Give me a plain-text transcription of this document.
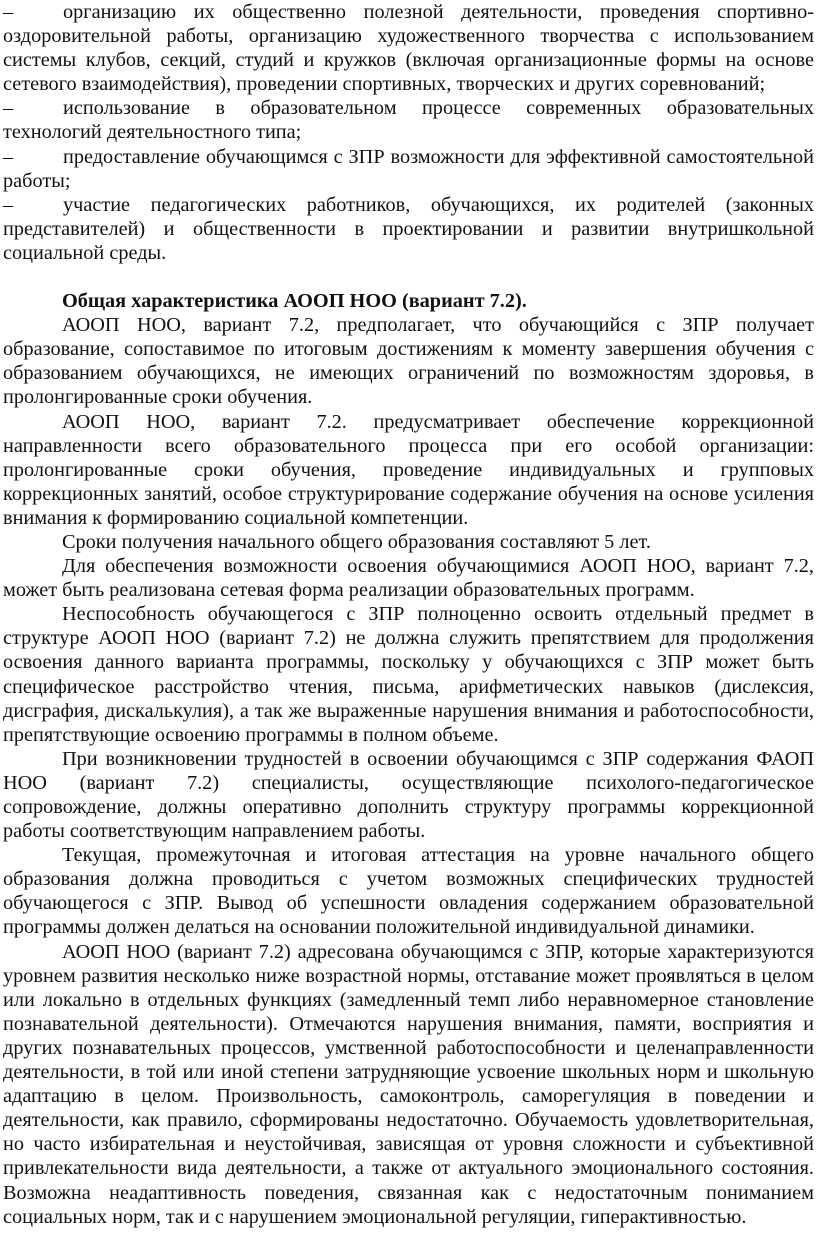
– организацию их общественно полезной деятельности, проведения спортивно-оздоровительной работы, организацию художественного творчества с использованием системы клубов, секций, студий и кружков (включая организационные формы на основе сетевого взаимодействия), проведении спортивных, творческих и других соревнований;

– использование в образовательном процессе современных образовательных технологий деятельностного типа;

– предоставление обучающимся с ЗПР возможности для эффективной самостоятельной работы;

– участие педагогических работников, обучающихся, их родителей (законных представителей) и общественности в проектировании и развитии внутришкольной социальной среды.

Общая характеристика АООП НОО (вариант 7.2).

АООП НОО, вариант 7.2, предполагает, что обучающийся с ЗПР получает образование, сопоставимое по итоговым достижениям к моменту завершения обучения с образованием обучающихся, не имеющих ограничений по возможностям здоровья, в пролонгированные сроки обучения.

АООП НОО, вариант 7.2. предусматривает обеспечение коррекционной направленности всего образовательного процесса при его особой организации: пролонгированные сроки обучения, проведение индивидуальных и групповых коррекционных занятий, особое структурирование содержание обучения на основе усиления внимания к формированию социальной компетенции.

Сроки получения начального общего образования составляют 5 лет.

Для обеспечения возможности освоения обучающимися АООП НОО, вариант 7.2, может быть реализована сетевая форма реализации образовательных программ.

Неспособность обучающегося с ЗПР полноценно освоить отдельный предмет в структуре АООП НОО (вариант 7.2) не должна служить препятствием для продолжения освоения данного варианта программы, поскольку у обучающихся с ЗПР может быть специфическое расстройство чтения, письма, арифметических навыков (дислексия, дисграфия, дискалькулия), а так же выраженные нарушения внимания и работоспособности, препятствующие освоению программы в полном объеме.

При возникновении трудностей в освоении обучающимся с ЗПР содержания ФАОП НОО (вариант 7.2) специалисты, осуществляющие психолого-педагогическое сопровождение, должны оперативно дополнить структуру программы коррекционной работы соответствующим направлением работы.

Текущая, промежуточная и итоговая аттестация на уровне начального общего образования должна проводиться с учетом возможных специфических трудностей обучающегося с ЗПР. Вывод об успешности овладения содержанием образовательной программы должен делаться на основании положительной индивидуальной динамики.

АООП НОО (вариант 7.2) адресована обучающимся с ЗПР, которые характеризуются уровнем развития несколько ниже возрастной нормы, отставание может проявляться в целом или локально в отдельных функциях (замедленный темп либо неравномерное становление познавательной деятельности). Отмечаются нарушения внимания, памяти, восприятия и других познавательных процессов, умственной работоспособности и целенаправленности деятельности, в той или иной степени затрудняющие усвоение школьных норм и школьную адаптацию в целом. Произвольность, самоконтроль, саморегуляция в поведении и деятельности, как правило, сформированы недостаточно. Обучаемость удовлетворительная, но часто избирательная и неустойчивая, зависящая от уровня сложности и субъективной привлекательности вида деятельности, а также от актуального эмоционального состояния. Возможна неадаптивность поведения, связанная как с недостаточным пониманием социальных норм, так и с нарушением эмоциональной регуляции, гиперактивностью.
